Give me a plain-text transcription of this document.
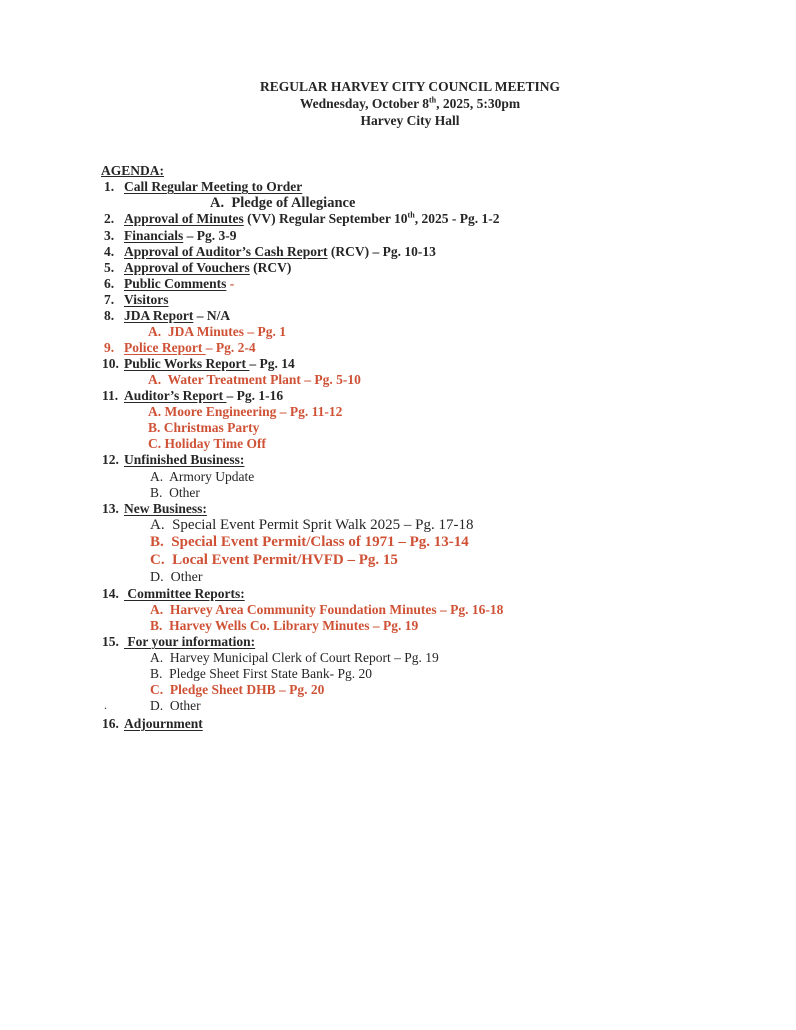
REGULAR HARVEY CITY COUNCIL MEETING
Wednesday, October 8th, 2025, 5:30pm
Harvey City Hall
AGENDA:
.
1. Call Regular Meeting to Order
A.  Pledge of Allegiance
2. Approval of Minutes (VV) Regular September 10th, 2025 - Pg. 1-2
3. Financials – Pg. 3-9
4. Approval of Auditor’s Cash Report (RCV) – Pg. 10-13
5. Approval of Vouchers (RCV)
6. Public Comments -
7. Visitors
8. JDA Report – N/A
A.  JDA Minutes – Pg. 1
9. Police Report – Pg. 2-4
10. Public Works Report – Pg. 14
A.  Water Treatment Plant – Pg. 5-10
11. Auditor’s Report – Pg. 1-16
A. Moore Engineering – Pg. 11-12
B. Christmas Party
C. Holiday Time Off
12. Unfinished Business:
A.  Armory Update
B.  Other
13. New Business:
A.  Special Event Permit Sprit Walk 2025 – Pg. 17-18
B.  Special Event Permit/Class of 1971 – Pg. 13-14
C.  Local Event Permit/HVFD – Pg. 15
D.  Other
14. Committee Reports:
A.  Harvey Area Community Foundation Minutes – Pg. 16-18
B.  Harvey Wells Co. Library Minutes – Pg. 19
15. For your information:
A.  Harvey Municipal Clerk of Court Report – Pg. 19
B.  Pledge Sheet First State Bank- Pg. 20
C.  Pledge Sheet DHB – Pg. 20
D.  Other
16. Adjournment
